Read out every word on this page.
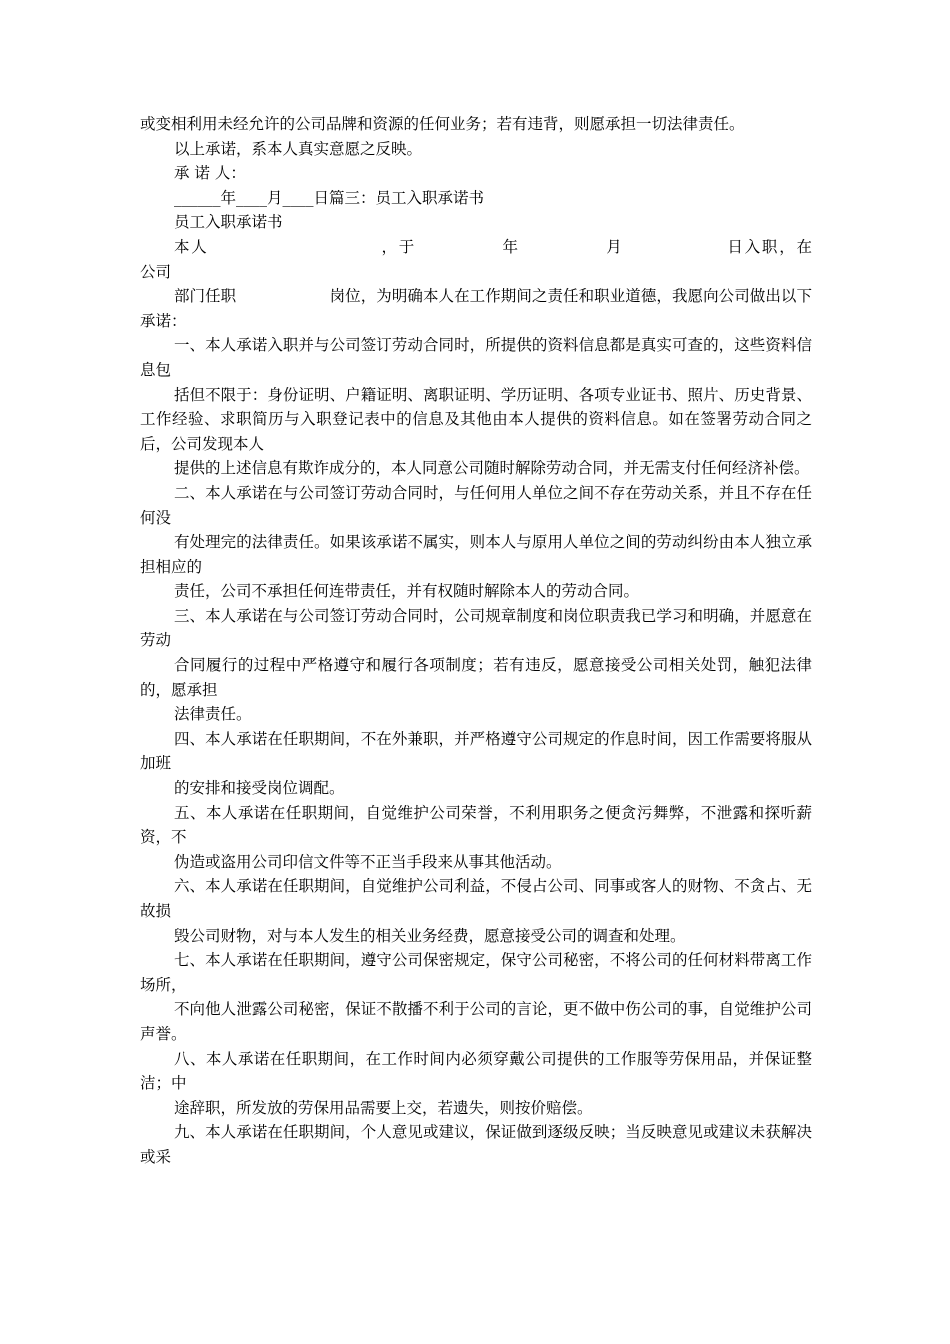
或变相利用未经允许的公司品牌和资源的任何业务；若有违背，则愿承担一切法律责任。

以上承诺，系本人真实意愿之反映。

承 诺 人：

______年____月____日篇三：员工入职承诺书

员工入职承诺书

本人　　　　　　　　　　，于　　　　　年　　　　　月　　　　　　日入职，在

公司

部门任职　　　　　　岗位，为明确本人在工作期间之责任和职业道德，我愿向公司做出以下承诺：

一、本人承诺入职并与公司签订劳动合同时，所提供的资料信息都是真实可查的，这些资料信息包

括但不限于：身份证明、户籍证明、离职证明、学历证明、各项专业证书、照片、历史背景、工作经验、求职简历与入职登记表中的信息及其他由本人提供的资料信息。如在签署劳动合同之后，公司发现本人

提供的上述信息有欺诈成分的，本人同意公司随时解除劳动合同，并无需支付任何经济补偿。

二、本人承诺在与公司签订劳动合同时，与任何用人单位之间不存在劳动关系，并且不存在任何没

有处理完的法律责任。如果该承诺不属实，则本人与原用人单位之间的劳动纠纷由本人独立承担相应的

责任，公司不承担任何连带责任，并有权随时解除本人的劳动合同。

三、本人承诺在与公司签订劳动合同时，公司规章制度和岗位职责我已学习和明确，并愿意在劳动

合同履行的过程中严格遵守和履行各项制度；若有违反，愿意接受公司相关处罚，触犯法律的，愿承担

法律责任。

四、本人承诺在任职期间，不在外兼职，并严格遵守公司规定的作息时间，因工作需要将服从加班

的安排和接受岗位调配。

五、本人承诺在任职期间，自觉维护公司荣誉，不利用职务之便贪污舞弊，不泄露和探听薪资，不

伪造或盗用公司印信文件等不正当手段来从事其他活动。

六、本人承诺在任职期间，自觉维护公司利益，不侵占公司、同事或客人的财物、不贪占、无故损

毁公司财物，对与本人发生的相关业务经费，愿意接受公司的调查和处理。

七、本人承诺在任职期间，遵守公司保密规定，保守公司秘密，不将公司的任何材料带离工作场所，

不向他人泄露公司秘密，保证不散播不利于公司的言论，更不做中伤公司的事，自觉维护公司声誉。

八、本人承诺在任职期间，在工作时间内必须穿戴公司提供的工作服等劳保用品，并保证整洁；中

途辞职，所发放的劳保用品需要上交，若遗失，则按价赔偿。

九、本人承诺在任职期间，个人意见或建议，保证做到逐级反映；当反映意见或建议未获解决或采
